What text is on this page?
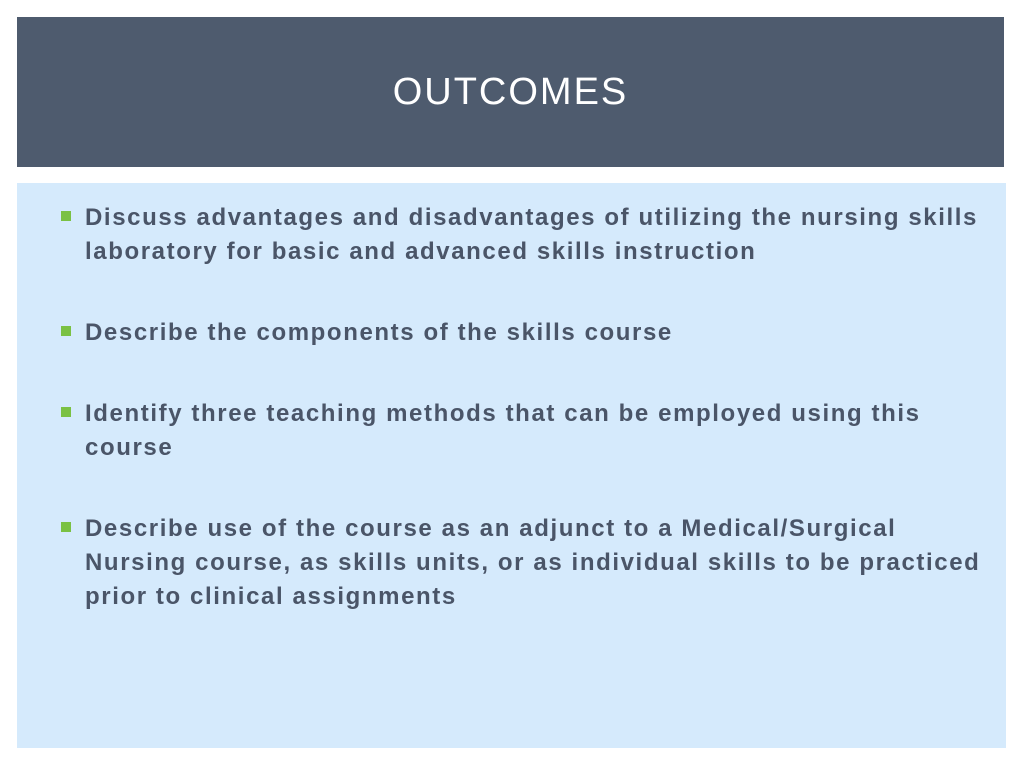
OUTCOMES
Discuss advantages and disadvantages of utilizing the nursing skills laboratory for basic and advanced skills instruction
Describe the components of the skills course
Identify three teaching methods that can be employed using this course
Describe use of the course as an adjunct to a Medical/Surgical Nursing course, as skills units, or as individual skills to be practiced prior to clinical assignments
